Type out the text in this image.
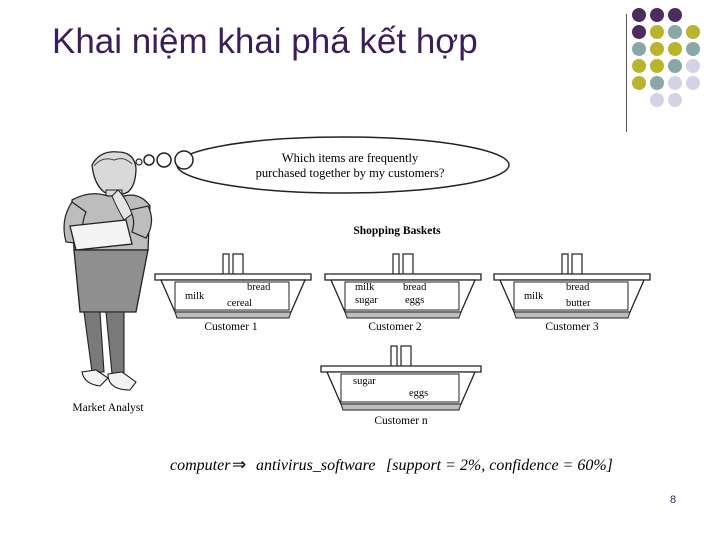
Khai niệm khai phá kết hợp
Which items are frequently
purchased together by my customers?
Market Analyst
Shopping Baskets
bread
milk
cereal
Customer 1
milk	bread
sugar	eggs
Customer 2
bread
milk
butter
Customer 3
sugar
eggs
Customer n
computer ⇒ antivirus_software [support = 2%, confidence = 60%]
8
